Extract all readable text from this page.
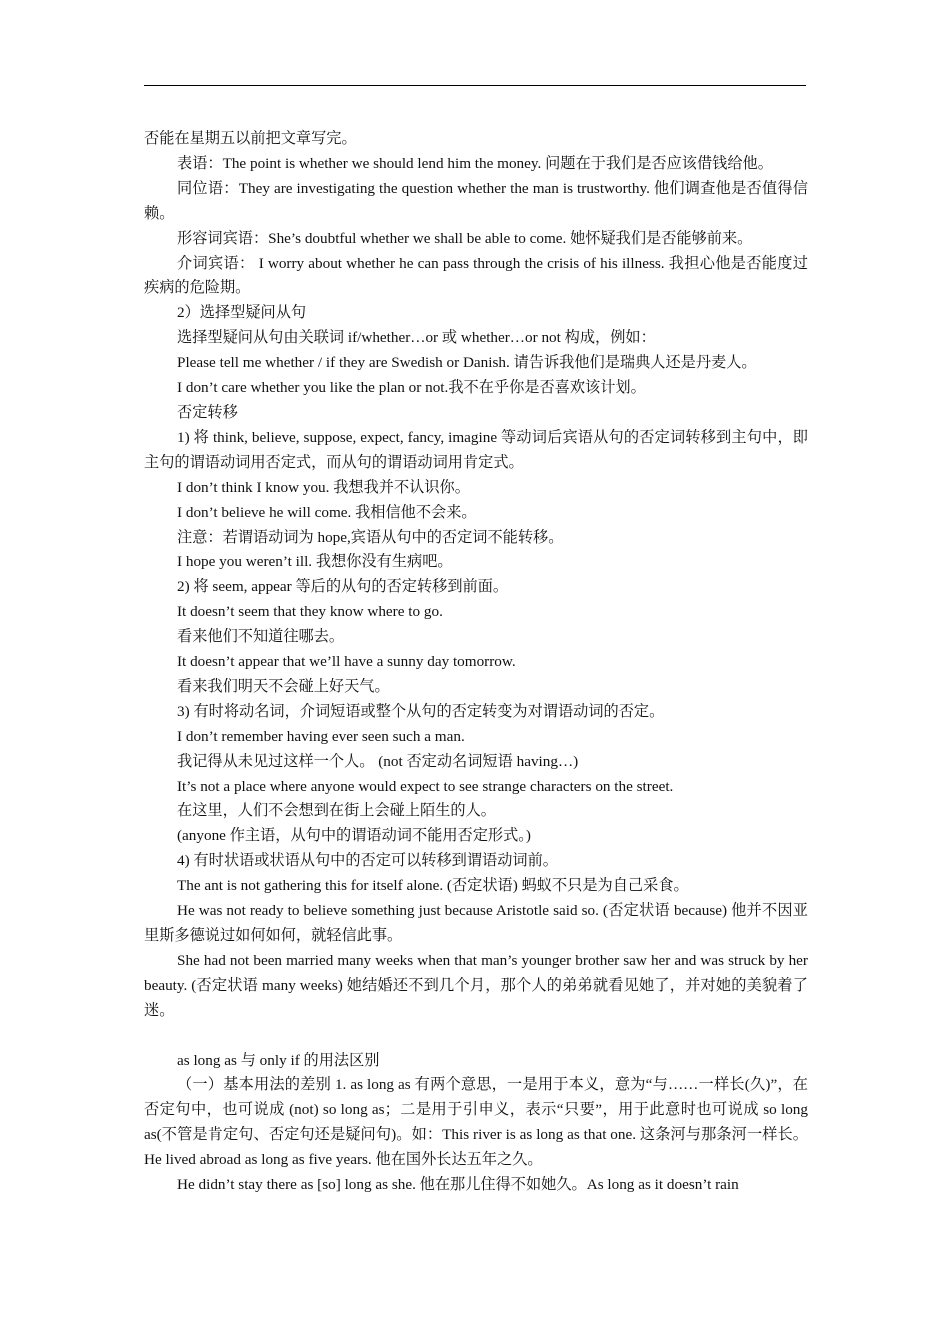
否能在星期五以前把文章写完。

表语：The point is whether we should lend him the money. 问题在于我们是否应该借钱给他。

同位语：They are investigating the question whether the man is trustworthy. 他们调查他是否值得信赖。

形容词宾语：She’s doubtful whether we shall be able to come. 她怀疑我们是否能够前来。

介词宾语： I worry about whether he can pass through the crisis of his illness. 我担心他是否能度过疾病的危险期。

2）选择型疑问从句

选择型疑问从句由关联词 if/whether…or 或 whether…or not 构成，例如：

Please tell me whether / if they are Swedish or Danish. 请告诉我他们是瑞典人还是丹麦人。

I don’t care whether you like the plan or not.我不在乎你是否喜欢该计划。

否定转移

1) 将 think, believe, suppose, expect, fancy, imagine 等动词后宾语从句的否定词转移到主句中，即主句的谓语动词用否定式，而从句的谓语动词用肯定式。

I don’t think I know you. 我想我并不认识你。

I don’t believe he will come. 我相信他不会来。

注意：若谓语动词为 hope,宾语从句中的否定词不能转移。

I hope you weren’t ill. 我想你没有生病吧。

2) 将 seem, appear 等后的从句的否定转移到前面。

It doesn’t seem that they know where to go.

看来他们不知道往哪去。

It doesn’t appear that we’ll have a sunny day tomorrow.

看来我们明天不会碰上好天气。

3) 有时将动名词，介词短语或整个从句的否定转变为对谓语动词的否定。

I don’t remember having ever seen such a man.

我记得从未见过这样一个人。 (not 否定动名词短语 having…)

It’s not a place where anyone would expect to see strange characters on the street.

在这里，人们不会想到在街上会碰上陌生的人。

(anyone 作主语，从句中的谓语动词不能用否定形式。)

4) 有时状语或状语从句中的否定可以转移到谓语动词前。

The ant is not gathering this for itself alone. (否定状语) 蚂蚁不只是为自己采食。

He was not ready to believe something just because Aristotle said so. (否定状语 because) 他并不因亚里斯多德说过如何如何，就轻信此事。

She had not been married many weeks when that man’s younger brother saw her and was struck by her beauty. (否定状语 many weeks) 她结婚还不到几个月，那个人的弟弟就看见她了，并对她的美貌着了迷。

as long as 与 only if 的用法区别

（一）基本用法的差别 1. as long as 有两个意思，一是用于本义，意为“与……一样长(久)”，在否定句中，也可说成 (not) so long as；二是用于引申义，表示“只要”，用于此意时也可说成 so long as(不管是肯定句、否定句还是疑问句)。如：This river is as long as that one. 这条河与那条河一样长。He lived abroad as long as five years. 他在国外长达五年之久。

He didn’t stay there as [so] long as she. 他在那儿住得不如她久。As long as it doesn’t rain
